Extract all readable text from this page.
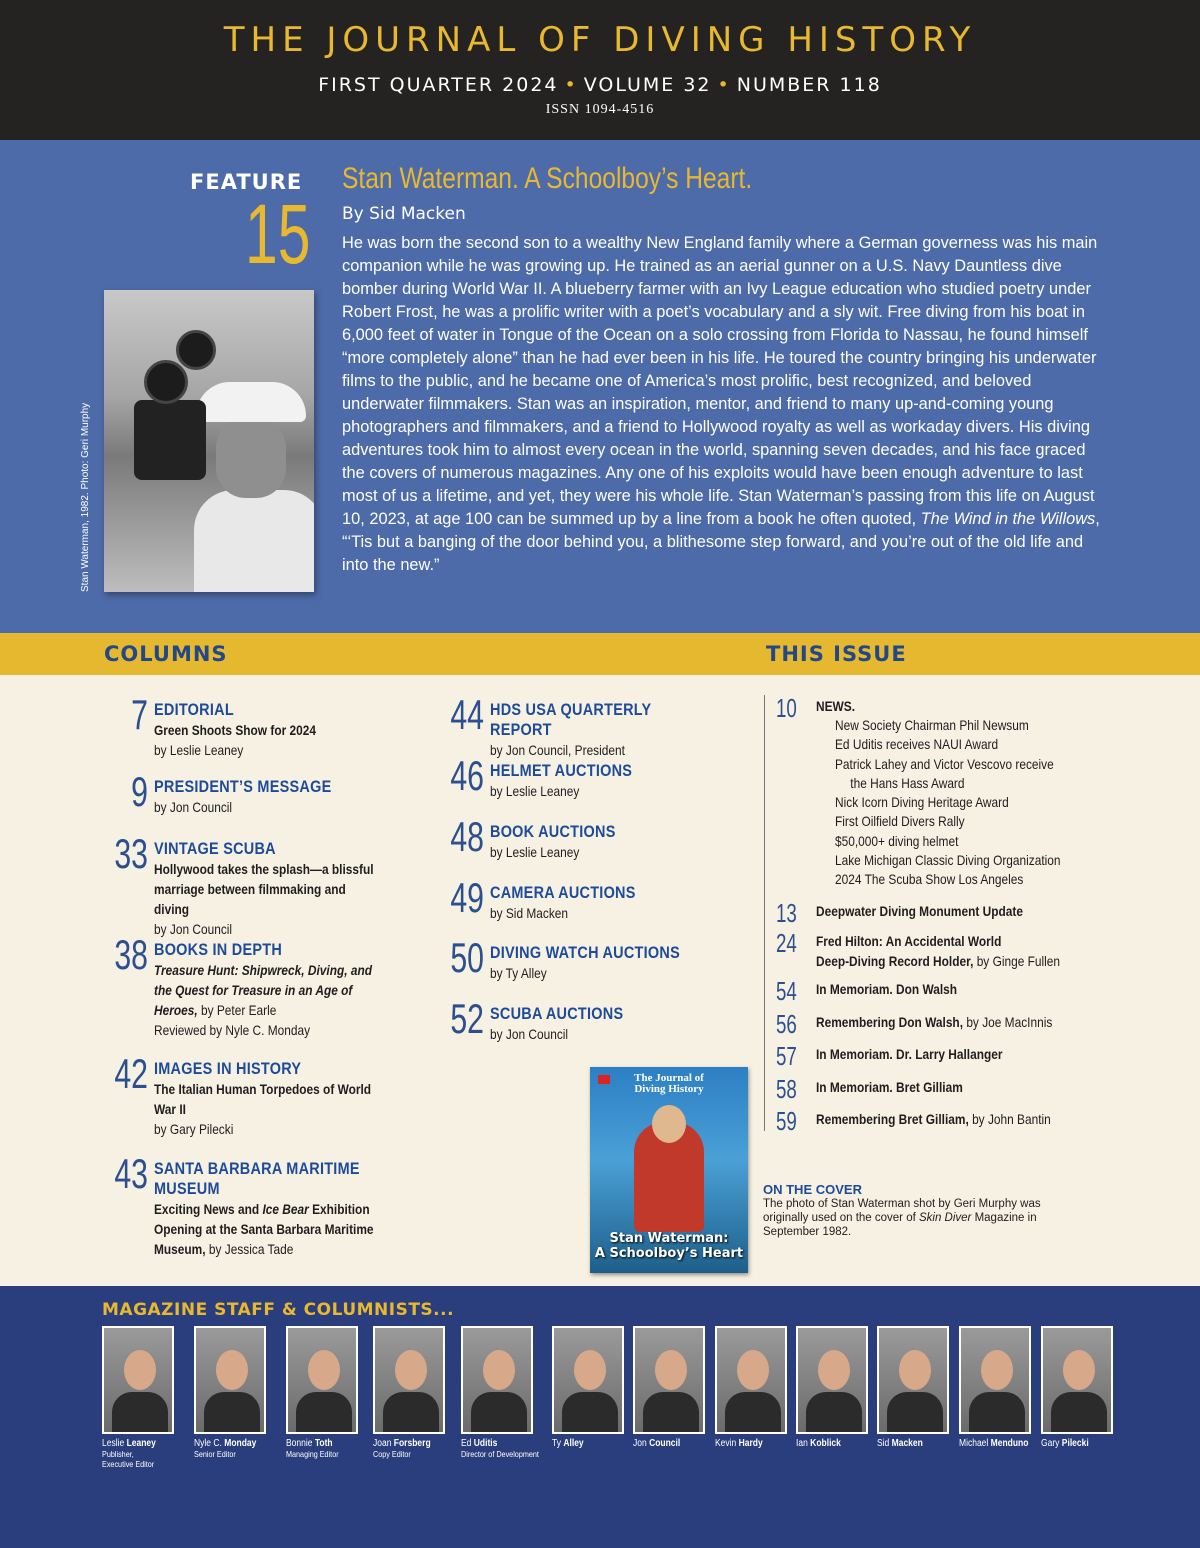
THE JOURNAL OF DIVING HISTORY
FIRST QUARTER 2024 • VOLUME 32 • NUMBER 118
ISSN 1094-4516
FEATURE
15
Stan Waterman, 1982. Photo: Geri Murphy
Stan Waterman. A Schoolboy’s Heart.
By Sid Macken
He was born the second son to a wealthy New England family where a German governess was his main companion while he was growing up. He trained as an aerial gunner on a U.S. Navy Dauntless dive bomber during World War II. A blueberry farmer with an Ivy League education who studied poetry under Robert Frost, he was a prolific writer with a poet’s vocabulary and a sly wit. Free diving from his boat in 6,000 feet of water in Tongue of the Ocean on a solo crossing from Florida to Nassau, he found himself “more completely alone” than he had ever been in his life. He toured the country bringing his underwater films to the public, and he became one of America’s most prolific, best recognized, and beloved underwater filmmakers. Stan was an inspiration, mentor, and friend to many up-and-coming young photographers and filmmakers, and a friend to Hollywood royalty as well as workaday divers. His diving adventures took him to almost every ocean in the world, spanning seven decades, and his face graced the covers of numerous magazines. Any one of his exploits would have been enough adventure to last most of us a lifetime, and yet, they were his whole life. Stan Waterman’s passing from this life on August 10, 2023, at age 100 can be summed up by a line from a book he often quoted, The Wind in the Willows, “‘Tis but a banging of the door behind you, a blithesome step forward, and you’re out of the old life and into the new.”
COLUMNS	THIS ISSUE
7 EDITORIAL
Green Shoots Show for 2024
by Leslie Leaney
9 PRESIDENT’S MESSAGE
by Jon Council
33 VINTAGE SCUBA
Hollywood takes the splash—a blissful marriage between filmmaking and diving
by Jon Council
38 BOOKS IN DEPTH
Treasure Hunt: Shipwreck, Diving, and the Quest for Treasure in an Age of Heroes, by Peter Earle
Reviewed by Nyle C. Monday
42 IMAGES IN HISTORY
The Italian Human Torpedoes of World War II
by Gary Pilecki
43 SANTA BARBARA MARITIME MUSEUM
Exciting News and Ice Bear Exhibition Opening at the Santa Barbara Maritime Museum, by Jessica Tade
44 HDS USA QUARTERLY REPORT
by Jon Council, President
46 HELMET AUCTIONS
by Leslie Leaney
48 BOOK AUCTIONS
by Leslie Leaney
49 CAMERA AUCTIONS
by Sid Macken
50 DIVING WATCH AUCTIONS
by Ty Alley
52 SCUBA AUCTIONS
by Jon Council
The Journal of
Diving History
Stan Waterman:
A Schoolboy’s Heart
ON THE COVER
The photo of Stan Waterman shot by Geri Murphy was originally used on the cover of Skin Diver Magazine in September 1982.
10 NEWS.
New Society Chairman Phil Newsum
Ed Uditis receives NAUI Award
Patrick Lahey and Victor Vescovo receive
the Hans Hass Award
Nick Icorn Diving Heritage Award
First Oilfield Divers Rally
$50,000+ diving helmet
Lake Michigan Classic Diving Organization
2024 The Scuba Show Los Angeles
13 Deepwater Diving Monument Update
24 Fred Hilton: An Accidental World
Deep-Diving Record Holder, by Ginge Fullen
54 In Memoriam. Don Walsh
56 Remembering Don Walsh, by Joe MacInnis
57 In Memoriam. Dr. Larry Hallanger
58 In Memoriam. Bret Gilliam
59 Remembering Bret Gilliam, by John Bantin
MAGAZINE STAFF & COLUMNISTS...
Leslie Leaney
Publisher,
Executive Editor
Nyle C. Monday
Senior Editor
Bonnie Toth
Managing Editor
Joan Forsberg
Copy Editor
Ed Uditis
Director of Development
Ty Alley	Jon Council	Kevin Hardy	Ian Koblick	Sid Macken	Michael Menduno Gary Pilecki
